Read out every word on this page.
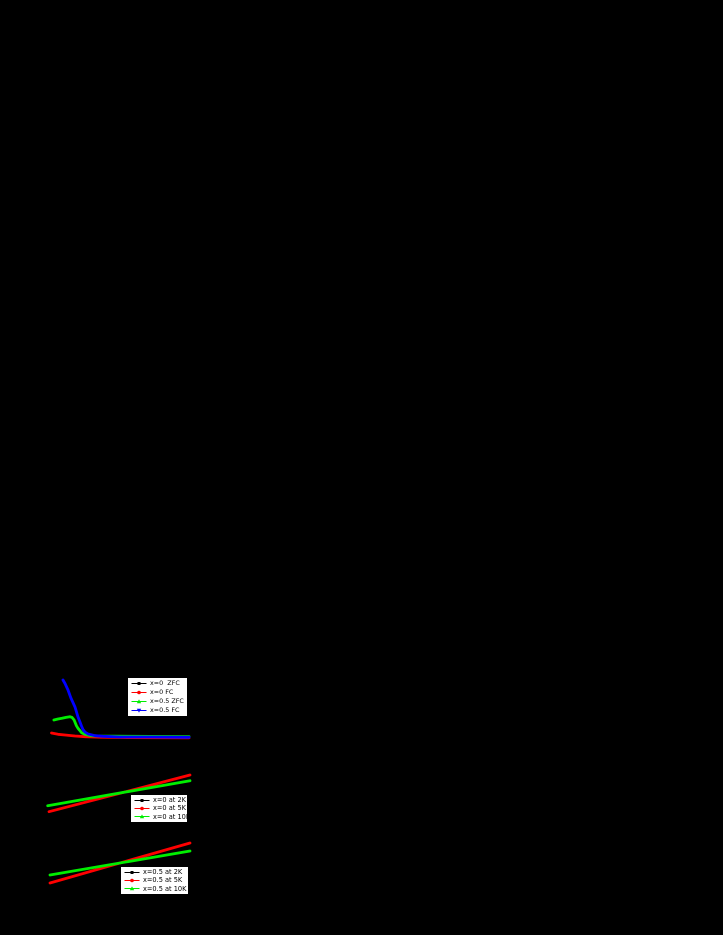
x=0  ZFC
x=0 FC
x=0.5 ZFC
x=0.5 FC
x=0 at 2K
x=0 at 5K
x=0 at 10K
x=0.5 at 2K
x=0.5 at 5K
x=0.5 at 10K
